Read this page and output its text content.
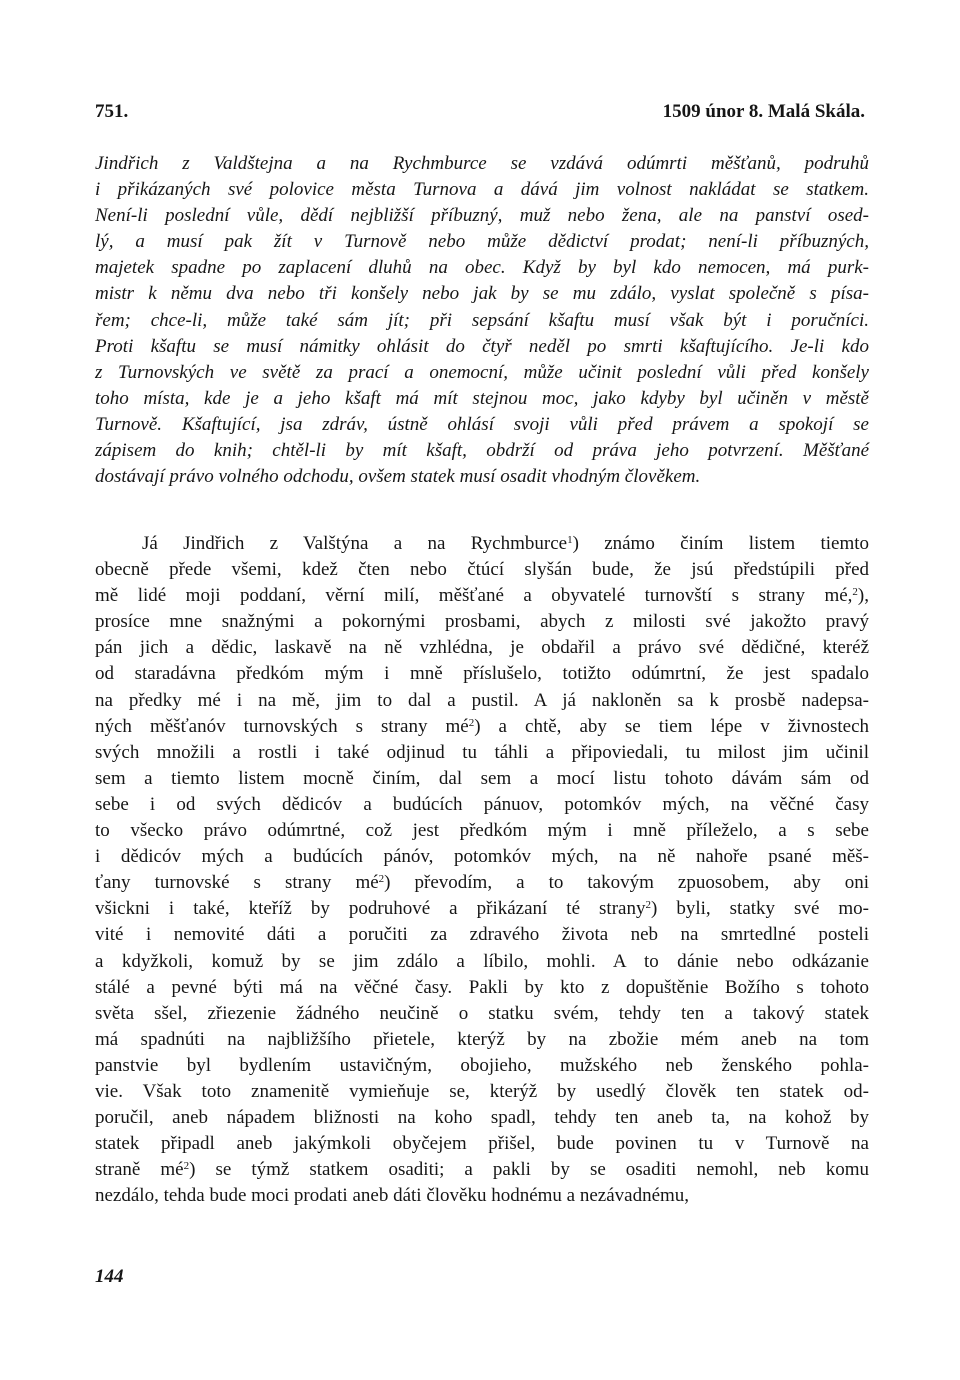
751.	1509 únor 8. Malá Skála.
Jindřich z Valdštejna a na Rychmburce se vzdává odúmrti měšťanů, podruhů
i přikázaných své polovice města Turnova a dává jim volnost nakládat se statkem.
Není-li poslední vůle, dědí nejbližší příbuzný, muž nebo žena, ale na panství osed-
lý, a musí pak žít v Turnově nebo může dědictví prodat; není-li příbuzných,
majetek spadne po zaplacení dluhů na obec. Když by byl kdo nemocen, má purk-
mistr k němu dva nebo tři konšely nebo jak by se mu zdálo, vyslat společně s písa-
řem; chce-li, může také sám jít; při sepsání kšaftu musí však být i poručníci.
Proti kšaftu se musí námitky ohlásit do čtyř neděl po smrti kšaftujícího. Je-li kdo
z Turnovských ve světě za prací a onemocní, může učinit poslední vůli před konšely
toho místa, kde je a jeho kšaft má mít stejnou moc, jako kdyby byl učiněn v městě
Turnově. Kšaftující, jsa zdráv, ústně ohlásí svoji vůli před právem a spokojí se
zápisem do knih; chtěl-li by mít kšaft, obdrží od práva jeho potvrzení. Měšťané
dostávají právo volného odchodu, ovšem statek musí osadit vhodným člověkem.
Já Jindřich z Valštýna a na Rychmburce$^1$) známo činím listem tiemto
obecně přede všemi, kdež čten nebo čtúcí slyšán bude, že jsú předstúpili před
mě lidé moji poddaní, věrní milí, měšťané a obyvatelé turnovští s strany mé,$^2$),
prosíce mne snažnými a pokornými prosbami, abych z milosti své jakožto pravý
pán jich a dědic, laskavě na ně vzhlédna, je obdařil a právo své dědičné, kteréž
od staradávna předkóm mým i mně příslušelo, totižto odúmrtní, že jest spadalo
na předky mé i na mě, jim to dal a pustil. A já nakloněn sa k prosbě nadepsa-
ných měšťanóv turnovských s strany $mé^2$) a chtě, aby se tiem lépe v živnostech
svých množili a rostli i také odjinud tu táhli a připoviedali, tu milost jim učinil
sem a tiemto listem mocně činím, dal sem a mocí listu tohoto dávám sám od
sebe i od svých dědicóv a budúcích pánuov, potomkóv mých, na věčné časy
to všecko právo odúmrtné, což jest předkóm mým i mně příleželo, a s sebe
i dědicóv mých a budúcích pánóv, potomkóv mých, na ně nahoře psané měš-
ťany turnovské s strany $mé^2$) převodím, a to takovým zpuosobem, aby oni
všickni i také, kteříž by podruhové a přikázaní té strany$^2$) byli, statky své mo-
vité i nemovité dáti a poručiti za zdravého života neb na smrtedlné posteli
a kdyžkoli, komuž by se jim zdálo a líbilo, mohli. A to dánie nebo odkázanie
stálé a pevné býti má na věčné časy. Pakli by kto z dopuštěnie Božího s tohoto
světa sšel, zřiezenie žádného neučině o statku svém, tehdy ten a takový statek
má spadnúti na najbližšího přietele, kterýž by na zbožie mém aneb na tom
panstvie byl bydlením ustavičným, obojieho, mužského neb ženského pohla-
vie. Však toto znamenitě vymieňuje se, kterýž by usedlý člověk ten statek od-
poručil, aneb nápadem bližnosti na koho spadl, tehdy ten aneb ta, na kohož by
statek připadl aneb jakýmkoli obyčejem přišel, bude povinen tu v Turnově na
straně $mé^2$) se týmž statkem osaditi; a pakli by se osaditi nemohl, neb komu
nezdálo, tehda bude moci prodati aneb dáti člověku hodnému a nezávadnému,
144
